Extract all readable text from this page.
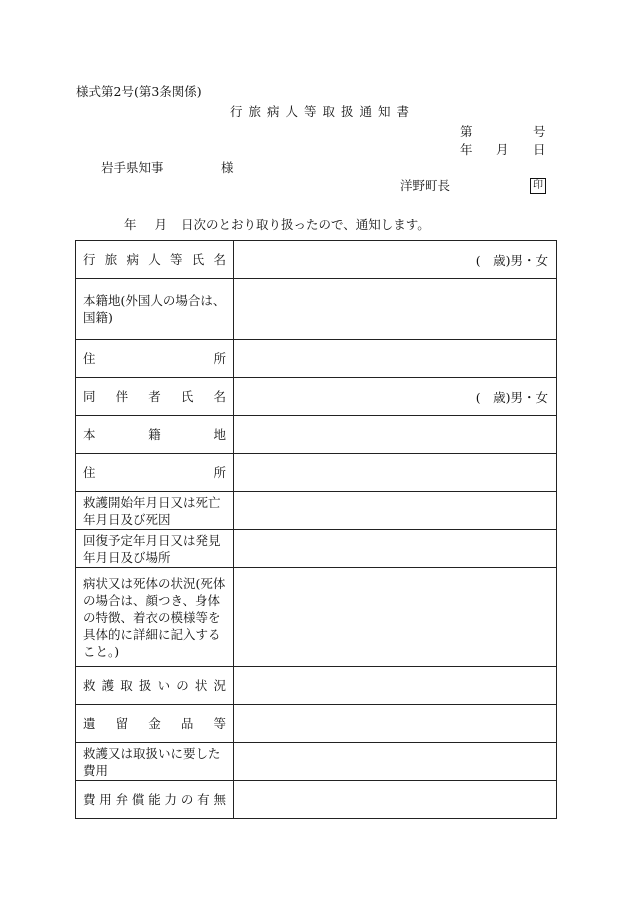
様式第2号(第3条関係)
行旅病人等取扱通知書
第	号
年 月 日
岩手県知事	様
洋野町長	印
年 月 日次のとおり取り扱ったので、通知します。
行旅病人等氏名	(　歳)男・女
本籍地(外国人の場合は、国籍)	
住所	
同伴者氏名	(　歳)男・女
本籍地	
住所	
救護開始年月日又は死亡年月日及び死因	
回復予定年月日又は発見年月日及び場所	
病状又は死体の状況(死体の場合は、顔つき、身体の特徴、着衣の模様等を具体的に詳細に記入すること。)	
救護取扱いの状況	
遺留金品等	
救護又は取扱いに要した費用	
費用弁償能力の有無	
